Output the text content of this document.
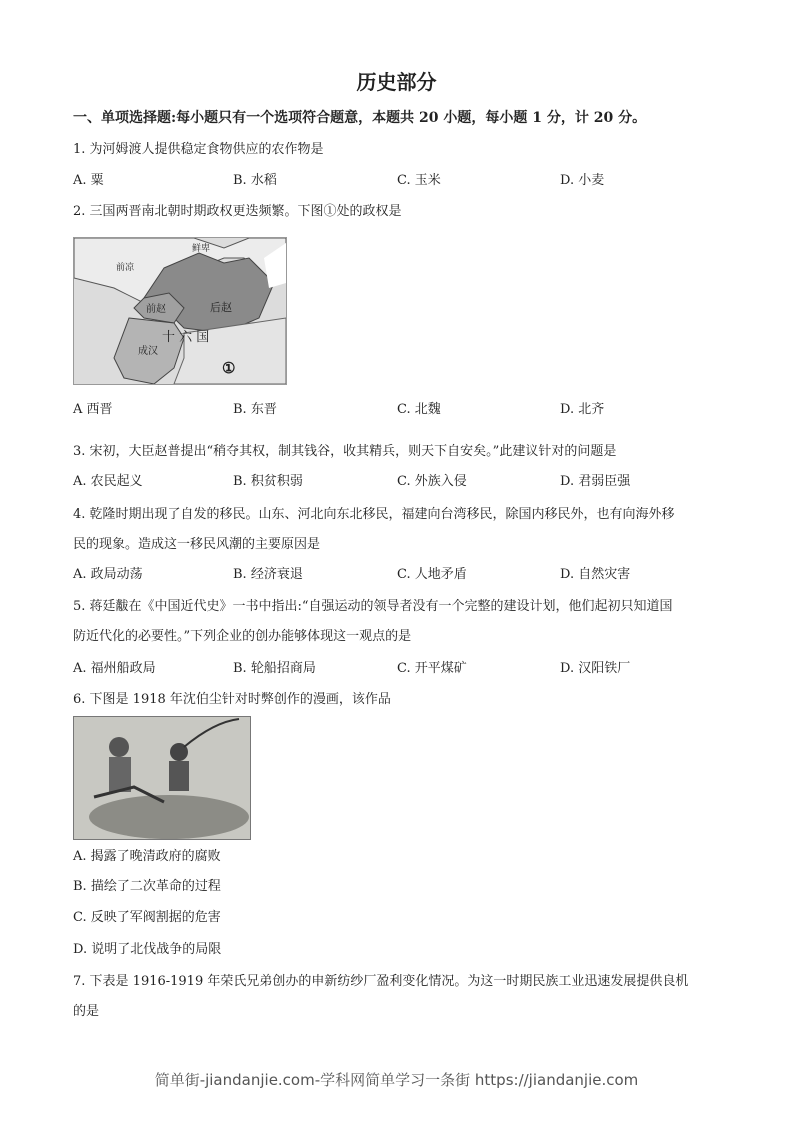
历史部分
一、单项选择题:每小题只有一个选项符合题意，本题共 20 小题，每小题 1 分，计 20 分。
1. 为河姆渡人提供稳定食物供应的农作物是
A. 粟	B. 水稻	C. 玉米	D. 小麦
2. 三国两晋南北朝时期政权更迭频繁。下图①处的政权是
鲜卑
前凉
前赵	后赵
十 六 国
成汉
①
A 西晋	B. 东晋	C. 北魏	D. 北齐
3. 宋初，大臣赵普提出“稍夺其权，制其钱谷，收其精兵，则天下自安矣。”此建议针对的问题是
A. 农民起义	B. 积贫积弱	C. 外族入侵	D. 君弱臣强
4. 乾隆时期出现了自发的移民。山东、河北向东北移民，福建向台湾移民，除国内移民外，也有向海外移
民的现象。造成这一移民风潮的主要原因是
A. 政局动荡	B. 经济衰退	C. 人地矛盾	D. 自然灾害
5. 蒋廷黻在《中国近代史》一书中指出:“自强运动的领导者没有一个完整的建设计划，他们起初只知道国
防近代化的必要性。”下列企业的创办能够体现这一观点的是
A. 福州船政局	B. 轮船招商局	C. 开平煤矿	D. 汉阳铁厂
6. 下图是 1918 年沈伯尘针对时弊创作的漫画，该作品
A. 揭露了晚清政府的腐败
B. 描绘了二次革命的过程
C. 反映了军阀割据的危害
D. 说明了北伐战争的局限
7. 下表是 1916-1919 年荣氏兄弟创办的申新纺纱厂盈利变化情况。为这一时期民族工业迅速发展提供良机
的是
简单街-jiandanjie.com-学科网简单学习一条街 https://jiandanjie.com
